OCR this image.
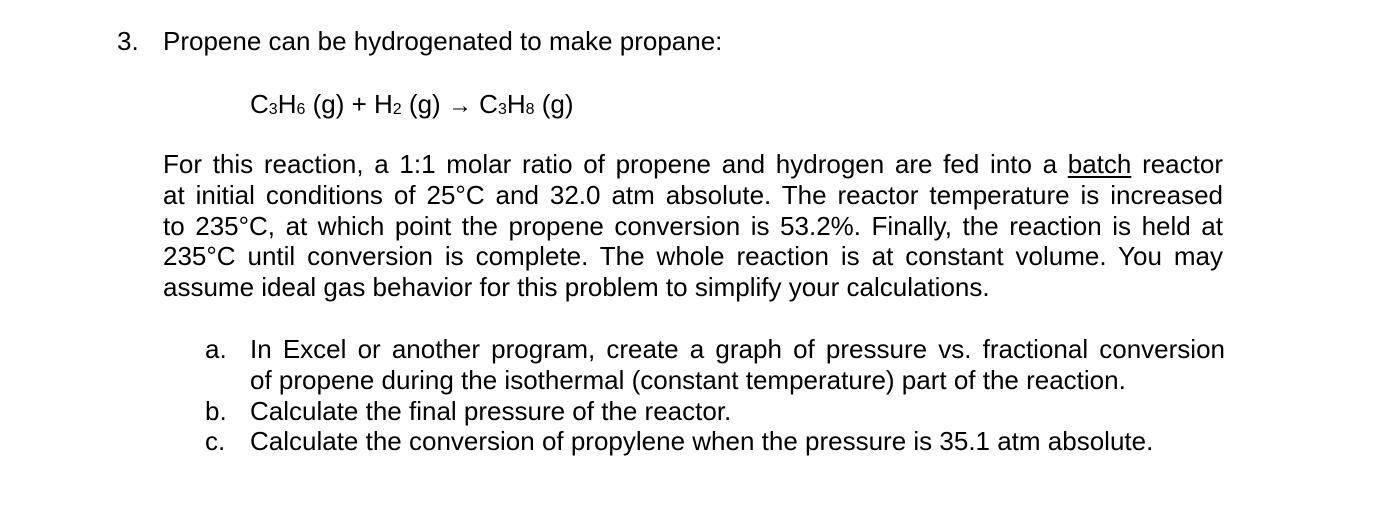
3. Propene can be hydrogenated to make propane:
$C_3H_6$ $(g) + H_2$ $(g) \to C_3H_8$ (g)
For this reaction, a 1:1 molar ratio of propene and hydrogen are fed into a batch reactor
at initial conditions of 25°C and 32.0 atm absolute. The reactor temperature is increased
to 235°C, at which point the propene conversion is 53.2%. Finally, the reaction is held at
235°C until conversion is complete. The whole reaction is at constant volume. You may
assume ideal gas behavior for this problem to simplify your calculations.
a. In Excel or another program, create a graph of pressure vs. fractional conversion
of propene during the isothermal (constant temperature) part of the reaction.
b. Calculate the final pressure of the reactor.
c. Calculate the conversion of propylene when the pressure is 35.1 atm absolute.
